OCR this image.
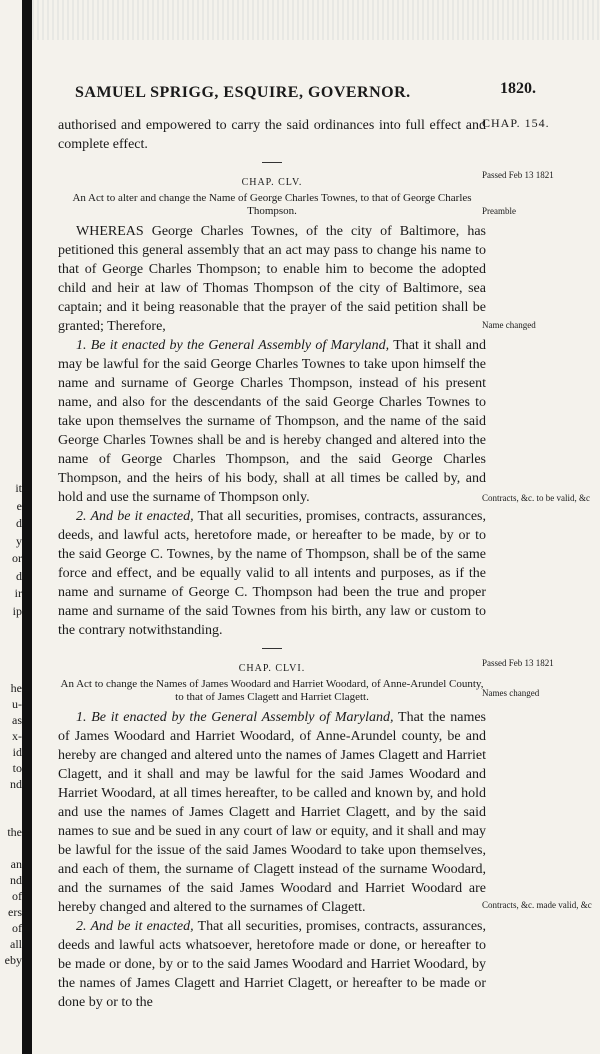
it
e
d
y
or
d
ir
ip
he
u-
as
x-
id
to
nd
the
an
nd
of
ers
of
all
eby
SAMUEL SPRIGG, ESQUIRE, GOVERNOR.	1820.
CHAP. 154.

authorised and empowered to carry the said ordinances into full effect and complete effect.

CHAP. CLV.
An Act to alter and change the Name of George Charles Townes, to that of George Charles Thompson.

WHEREAS George Charles Townes, of the city of Baltimore, has petitioned this general assembly that an act may pass to change his name to that of George Charles Thompson; to enable him to become the adopted child and heir at law of Thomas Thompson of the city of Baltimore, sea captain; and it being reasonable that the prayer of the said petition shall be granted; Therefore,

1. Be it enacted by the General Assembly of Maryland, That it shall and may be lawful for the said George Charles Townes to take upon himself the name and surname of George Charles Thompson, instead of his present name, and also for the descendants of the said George Charles Townes to take upon themselves the surname of Thompson, and the name of the said George Charles Townes shall be and is hereby changed and altered into the name of George Charles Thompson, and the said George Charles Thompson, and the heirs of his body, shall at all times be called by, and hold and use the surname of Thompson only.

2. And be it enacted, That all securities, promises, contracts, assurances, deeds, and lawful acts, heretofore made, or hereafter to be made, by or to the said George C. Townes, by the name of Thompson, shall be of the same force and effect, and be equally valid to all intents and purposes, as if the name and surname of George C. Thompson had been the true and proper name and surname of the said Townes from his birth, any law or custom to the contrary notwithstanding.

CHAP. CLVI.
An Act to change the Names of James Woodard and Harriet Woodard, of Anne-Arundel County, to that of James Clagett and Harriet Clagett.

1. Be it enacted by the General Assembly of Maryland, That the names of James Woodard and Harriet Woodard, of Anne-Arundel county, be and hereby are changed and altered unto the names of James Clagett and Harriet Clagett, and it shall and may be lawful for the said James Woodard and Harriet Woodard, at all times hereafter, to be called and known by, and hold and use the names of James Clagett and Harriet Clagett, and by the said names to sue and be sued in any court of law or equity, and it shall and may be lawful for the issue of the said James Woodard to take upon themselves, and each of them, the surname of Clagett instead of the surname Woodard, and the surnames of the said James Woodard and Harriet Woodard are hereby changed and altered to the surnames of Clagett.

2. And be it enacted, That all securities, promises, contracts, assurances, deeds and lawful acts whatsoever, heretofore made or done, or hereafter to be made or done, by or to the said James Woodard and Harriet Woodard, by the names of James Clagett and Harriet Clagett, or hereafter to be made or done by or to the

Passed Feb 13 1821
Preamble
Name changed
Contracts, &c. to be valid, &c
Passed Feb 13 1821
Names changed
Contracts, &c. made valid, &c
